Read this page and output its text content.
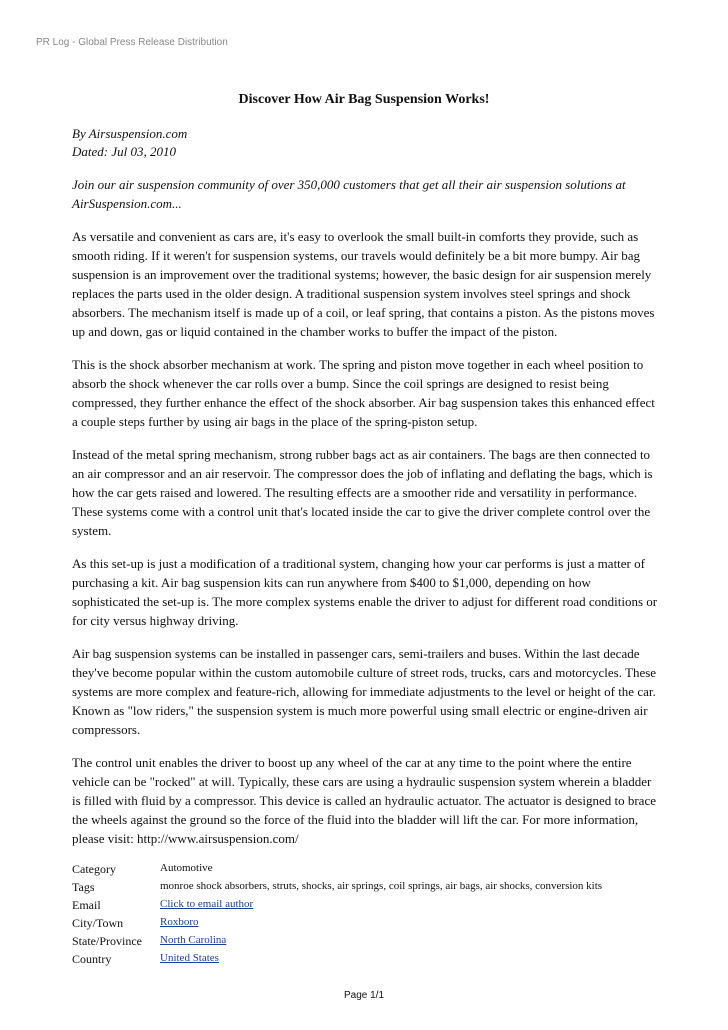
PR Log - Global Press Release Distribution
Discover How Air Bag Suspension Works!
By Airsuspension.com
Dated: Jul 03, 2010
Join our air suspension community of over 350,000 customers that get all their air suspension solutions at AirSuspension.com...
As versatile and convenient as cars are, it's easy to overlook the small built-in comforts they provide, such as smooth riding. If it weren't for suspension systems, our travels would definitely be a bit more bumpy. Air bag suspension is an improvement over the traditional systems; however, the basic design for air suspension merely replaces the parts used in the older design. A traditional suspension system involves steel springs and shock absorbers. The mechanism itself is made up of a coil, or leaf spring, that contains a piston. As the pistons moves up and down, gas or liquid contained in the chamber works to buffer the impact of the piston.
This is the shock absorber mechanism at work. The spring and piston move together in each wheel position to absorb the shock whenever the car rolls over a bump. Since the coil springs are designed to resist being compressed, they further enhance the effect of the shock absorber. Air bag suspension takes this enhanced effect a couple steps further by using air bags in the place of the spring-piston setup.
Instead of the metal spring mechanism, strong rubber bags act as air containers. The bags are then connected to an air compressor and an air reservoir. The compressor does the job of inflating and deflating the bags, which is how the car gets raised and lowered. The resulting effects are a smoother ride and versatility in performance. These systems come with a control unit that's located inside the car to give the driver complete control over the system.
As this set-up is just a modification of a traditional system, changing how your car performs is just a matter of purchasing a kit. Air bag suspension kits can run anywhere from $400 to $1,000, depending on how sophisticated the set-up is. The more complex systems enable the driver to adjust for different road conditions or for city versus highway driving.
Air bag suspension systems can be installed in passenger cars, semi-trailers and buses. Within the last decade they've become popular within the custom automobile culture of street rods, trucks, cars and motorcycles. These systems are more complex and feature-rich, allowing for immediate adjustments to the level or height of the car. Known as "low riders," the suspension system is much more powerful using small electric or engine-driven air compressors.
The control unit enables the driver to boost up any wheel of the car at any time to the point where the entire vehicle can be "rocked" at will. Typically, these cars are using a hydraulic suspension system wherein a bladder is filled with fluid by a compressor. This device is called an hydraulic actuator. The actuator is designed to brace the wheels against the ground so the force of the fluid into the bladder will lift the car. For more information, please visit: http://www.airsuspension.com/
Category	Automotive
Tags	monroe shock absorbers, struts, shocks, air springs, coil springs, air bags, air shocks, conversion kits
Email	Click to email author
City/Town	Roxboro
State/Province	North Carolina
Country	United States
Page 1/1
